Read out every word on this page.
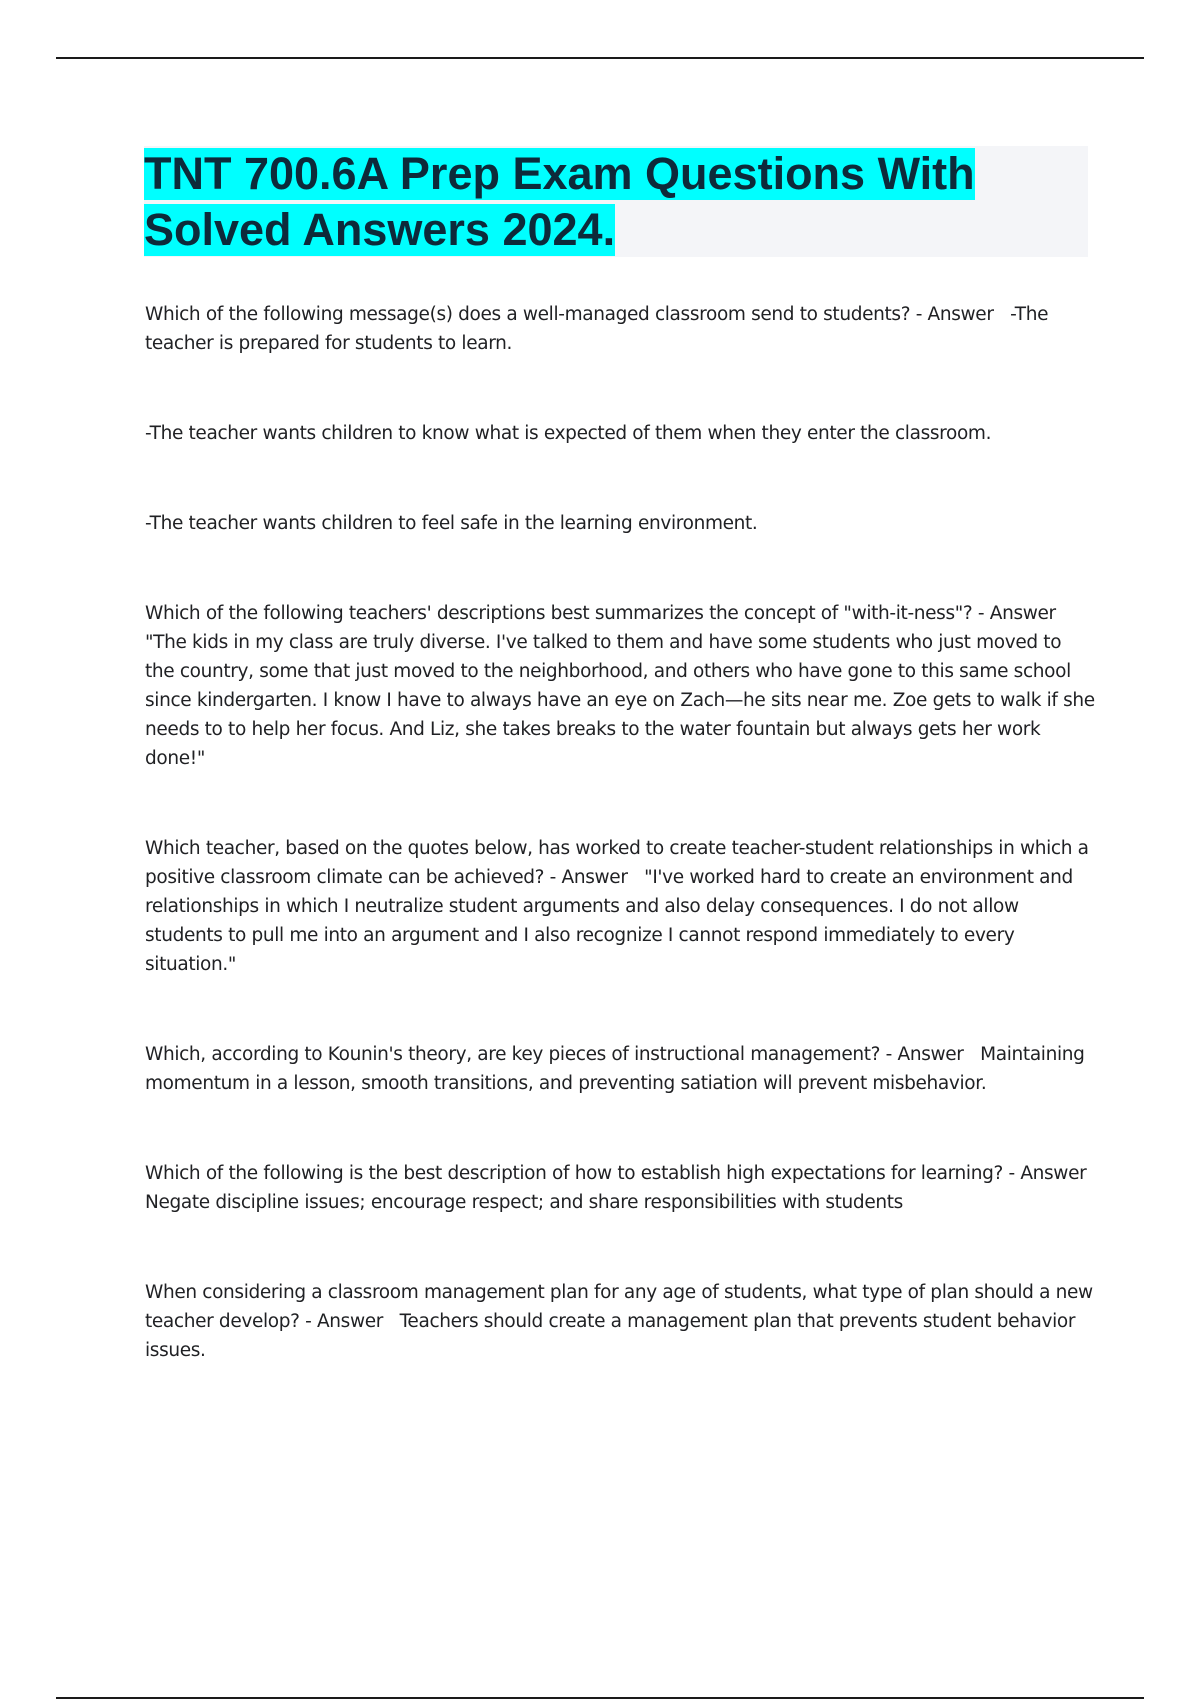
TNT 700.6A Prep Exam Questions With
Solved Answers 2024.

Which of the following message(s) does a well-managed classroom send to students? - Answer   -The teacher is prepared for students to learn.

-The teacher wants children to know what is expected of them when they enter the classroom.

-The teacher wants children to feel safe in the learning environment.

Which of the following teachers' descriptions best summarizes the concept of "with-it-ness"? - Answer   "The kids in my class are truly diverse. I've talked to them and have some students who just moved to the country, some that just moved to the neighborhood, and others who have gone to this same school since kindergarten. I know I have to always have an eye on Zach—he sits near me. Zoe gets to walk if she needs to to help her focus. And Liz, she takes breaks to the water fountain but always gets her work done!"

Which teacher, based on the quotes below, has worked to create teacher-student relationships in which a positive classroom climate can be achieved? - Answer   "I've worked hard to create an environment and relationships in which I neutralize student arguments and also delay consequences. I do not allow students to pull me into an argument and I also recognize I cannot respond immediately to every situation."

Which, according to Kounin's theory, are key pieces of instructional management? - Answer   Maintaining momentum in a lesson, smooth transitions, and preventing satiation will prevent misbehavior.

Which of the following is the best description of how to establish high expectations for learning? - Answer   Negate discipline issues; encourage respect; and share responsibilities with students

When considering a classroom management plan for any age of students, what type of plan should a new teacher develop? - Answer   Teachers should create a management plan that prevents student behavior issues.
